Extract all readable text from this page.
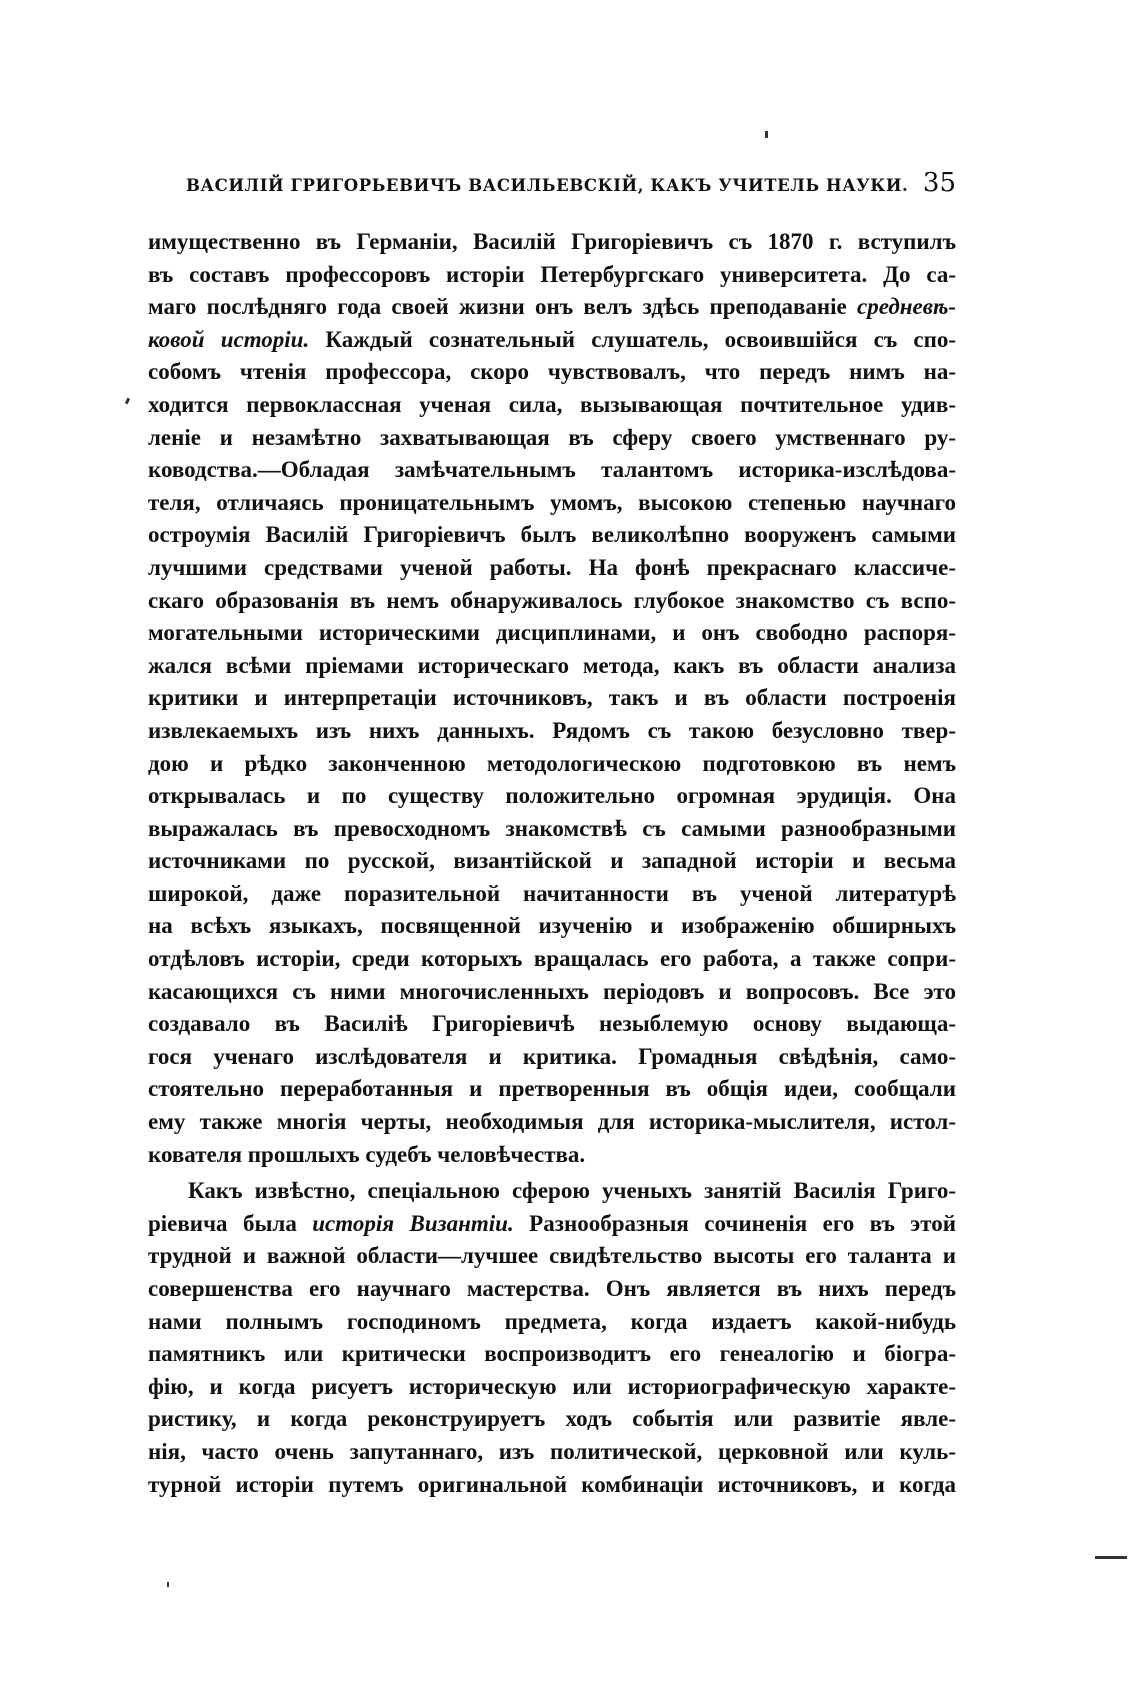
ВАСИЛІЙ ГРИГОРЬЕВИЧЪ ВАСИЛЬЕВСКІЙ, КАКЪ УЧИТЕЛЬ НАУКИ. 35
имущественно въ Германіи, Василій Григоріевичъ съ 1870 г. вступилъ
въ составъ профессоровъ исторіи Петербургскаго университета. До са-
маго послѣдняго года своей жизни онъ велъ здѣсь преподаваніе средневѣ-
ковой исторіи. Каждый сознательный слушатель, освоившійся съ спо-
собомъ чтенія профессора, скоро чувствовалъ, что передъ нимъ на-
ходится первоклассная ученая сила, вызывающая почтительное удив-
леніе и незамѣтно захватывающая въ сферу своего умственнаго ру-
ководства.—Обладая замѣчательнымъ талантомъ историка-изслѣдова-
теля, отличаясь проницательнымъ умомъ, высокою степенью научнаго
остроумія Василій Григоріевичъ былъ великолѣпно вооруженъ самыми
лучшими средствами ученой работы. На фонѣ прекраснаго классиче-
скаго образованія въ немъ обнаруживалось глубокое знакомство съ вспо-
могательными историческими дисциплинами, и онъ свободно распоря-
жался всѣми пріемами историческаго метода, какъ въ области анализа
критики и интерпретаціи источниковъ, такъ и въ области построенія
извлекаемыхъ изъ нихъ данныхъ. Рядомъ съ такою безусловно твер-
дою и рѣдко законченною методологическою подготовкою въ немъ
открывалась и по существу положительно огромная эрудиція. Она
выражалась въ превосходномъ знакомствѣ съ самыми разнообразными
источниками по русской, византійской и западной исторіи и весьма
широкой, даже поразительной начитанности въ ученой литературѣ
на всѣхъ языкахъ, посвященной изученію и изображенію обширныхъ
отдѣловъ исторіи, среди которыхъ вращалась его работа, а также сопри-
касающихся съ ними многочисленныхъ періодовъ и вопросовъ. Все это
создавало въ Василіѣ Григоріевичѣ незыблемую основу выдающа-
гося ученаго изслѣдователя и критика. Громадныя свѣдѣнія, само-
стоятельно переработанныя и претворенныя въ общія идеи, сообщали
ему также многія черты, необходимыя для историка-мыслителя, истол-
кователя прошлыхъ судебъ человѣчества.
Какъ извѣстно, спеціальною сферою ученыхъ занятій Василія Григо-
ріевича была исторія Византіи. Разнообразныя сочиненія его въ этой
трудной и важной области—лучшее свидѣтельство высоты его таланта и
совершенства его научнаго мастерства. Онъ является въ нихъ передъ
нами полнымъ господиномъ предмета, когда издаетъ какой-нибудь
памятникъ или критически воспроизводитъ его генеалогію и біогра-
фію, и когда рисуетъ историческую или историографическую характе-
ристику, и когда реконструируетъ ходъ событія или развитіе явле-
нія, часто очень запутаннаго, изъ политической, церковной или куль-
турной исторіи путемъ оригинальной комбинаціи источниковъ, и когда
